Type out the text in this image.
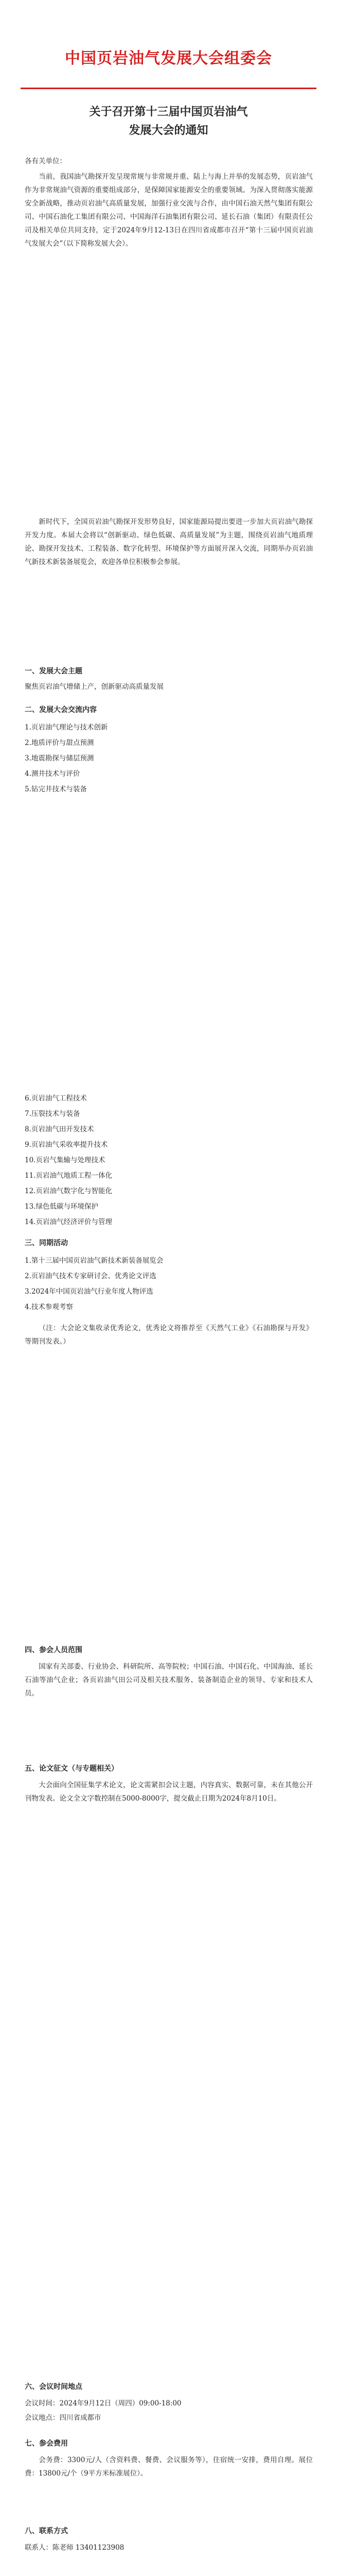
中国页岩油气发展大会组委会
关于召开第十三届中国页岩油气
发展大会的通知
各有关单位：
当前，我国油气勘探开发呈现常规与非常规并重、陆上与海上并举的发展态势，页岩油气作为非常规油气资源的重要组成部分，是保障国家能源安全的重要领域。为深入贯彻落实能源安全新战略，推动页岩油气高质量发展，加强行业交流与合作，由中国石油天然气集团有限公司、中国石油化工集团有限公司、中国海洋石油集团有限公司、延长石油（集团）有限责任公司及相关单位共同支持，定于2024年9月12-13日在四川省成都市召开“第十三届中国页岩油气发展大会”（以下简称发展大会）。
新时代下，全国页岩油气勘探开发形势良好，国家能源局提出要进一步加大页岩油气勘探开发力度。本届大会将以“创新驱动、绿色低碳、高质量发展”为主题，围绕页岩油气地质理论、勘探开发技术、工程装备、数字化转型、环境保护等方面展开深入交流，同期举办页岩油气新技术新装备展览会，欢迎各单位积极参会参展。
一、发展大会主题
聚焦页岩油气增储上产，创新驱动高质量发展
二、发展大会交流内容
1.页岩油气理论与技术创新
2.地质评价与甜点预测
3.地震勘探与储层预测
4.测井技术与评价
5.钻完井技术与装备
6.页岩油气工程技术
7.压裂技术与装备
8.页岩油气田开发技术
9.页岩油气采收率提升技术
10.页岩气集输与处理技术
11.页岩油气地质工程一体化
12.页岩油气数字化与智能化
13.绿色低碳与环境保护
14.页岩油气经济评价与管理
三、同期活动
1.第十三届中国页岩油气新技术新装备展览会
2.页岩油气技术专家研讨会、优秀论文评选
3.2024年中国页岩油气行业年度人物评选
4.技术参观考察
（注：大会论文集收录优秀论文，优秀论文将推荐至《天然气工业》《石油勘探与开发》等期刊发表。）
四、参会人员范围
国家有关部委、行业协会、科研院所、高等院校；中国石油、中国石化、中国海油、延长石油等油气企业；各页岩油气田公司及相关技术服务、装备制造企业的领导、专家和技术人员。
五、论文征文（与专题相关）
大会面向全国征集学术论文，论文需紧扣会议主题，内容真实、数据可靠，未在其他公开刊物发表。论文全文字数控制在5000-8000字，提交截止日期为2024年8月10日。
六、会议时间地点
会议时间：2024年9月12日（周四）09:00-18:00
会议地点：四川省成都市
七、参会费用
会务费：3300元/人（含资料费、餐费、会议服务等），住宿统一安排，费用自理。展位费：13800元/个（9平方米标准展位）。
八、联系方式
联系人：陈老师 13401123908
